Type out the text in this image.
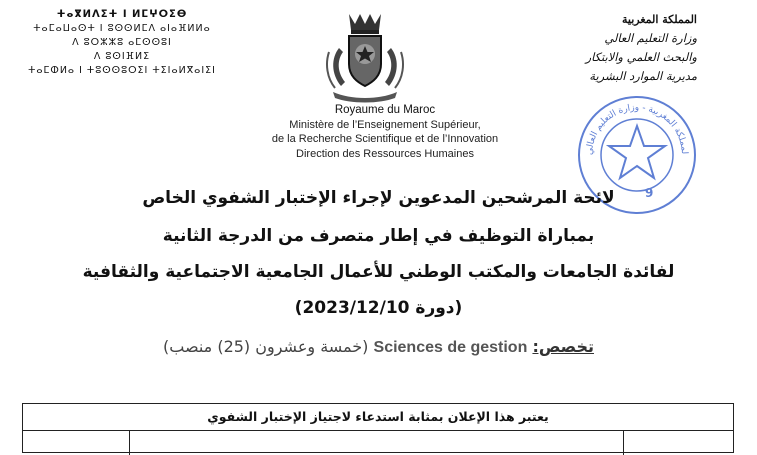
ⵜⴰⴳⵍⴷⵉⵜ ⵏ ⵍⵎⵖⵔⵉⴱ
ⵜⴰⵎⴰⵡⴰⵙⵜ ⵏ ⵓⵙⵙⵍⵎⴷ ⴰⵏⴰⴼⵍⵍⴰ
ⴷ ⵓⵔⵣⵣⵓ ⴰⵎⵙⵙⵓⵏ
ⴷ ⵓⵙⵏⴼⵍⵉ
ⵜⴰⵎⵀⵍⴰ ⵏ ⵜⵓⵙⵙⵓⵔⵉⵏ ⵜⵉⵏⴰⵍⴳⴰⵏⵉⵏ
المملكة المغربية
وزارة التعليم العالي
والبحث العلمي والابتكار
مديرية الموارد البشرية
Royaume du Maroc
Ministère de l’Enseignement Supérieur,
de la Recherche Scientifique et de l’Innovation
Direction des Ressources Humaines	لمملكة المغربية - وزارة التعليم العالي
9
لائحة المرشحين المدعوين لإجراء الإختبار الشفوي الخاص
بمباراة التوظيف في إطار متصرف من الدرجة الثانية
لفائدة الجامعات والمكتب الوطني للأعمال الجامعية الاجتماعية والثقافية
(دورة 2023/12/10)
تخصص: Sciences de gestion (خمسة وعشرون (25) منصب)
يعتبر هذا الإعلان بمثابة استدعاء لاجتياز الإختبار الشفوي
